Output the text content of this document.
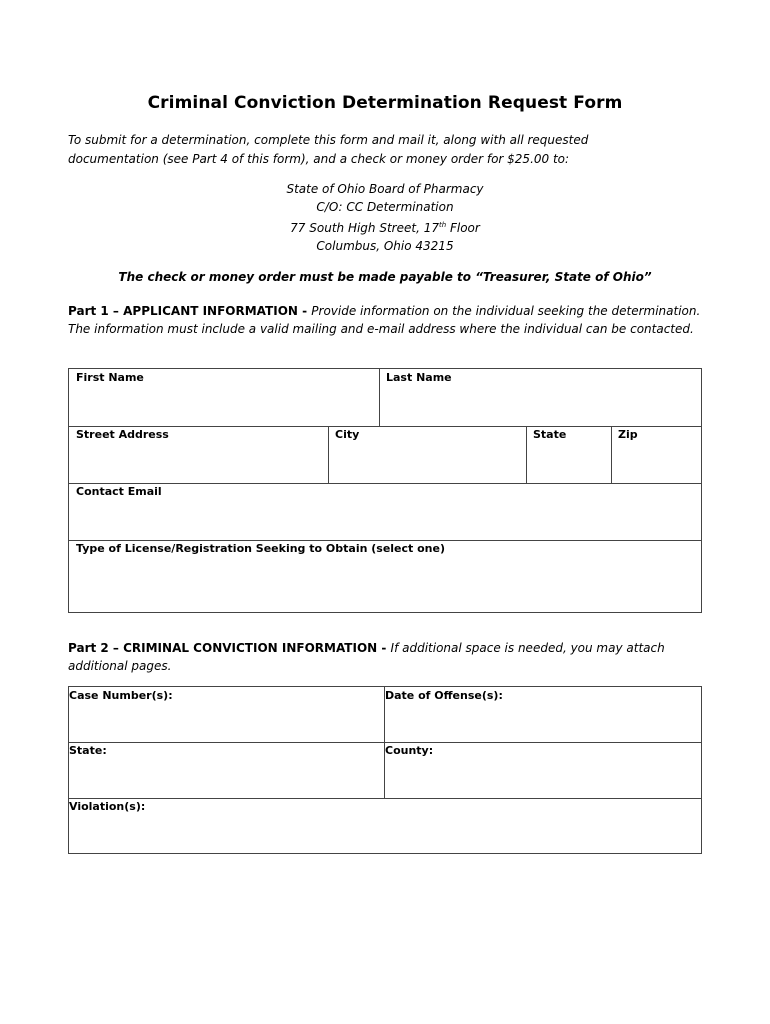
Criminal Conviction Determination Request Form
To submit for a determination, complete this form and mail it, along with all requested
documentation (see Part 4 of this form), and a check or money order for $25.00 to:
State of Ohio Board of Pharmacy
C/O: CC Determination
77 South High Street, 17th Floor
Columbus, Ohio 43215
The check or money order must be made payable to “Treasurer, State of Ohio”
Part 1 – APPLICANT INFORMATION - Provide information on the individual seeking the determination. The information must include a valid mailing and e-mail address where the individual can be contacted.
First Name	Last Name
Street Address	City	State	Zip
Contact Email
Type of License/Registration Seeking to Obtain (select one)
Part 2 – CRIMINAL CONVICTION INFORMATION - If additional space is needed, you may attach additional pages.
Case Number(s):	Date of Offense(s):
State:	County:
Violation(s):
